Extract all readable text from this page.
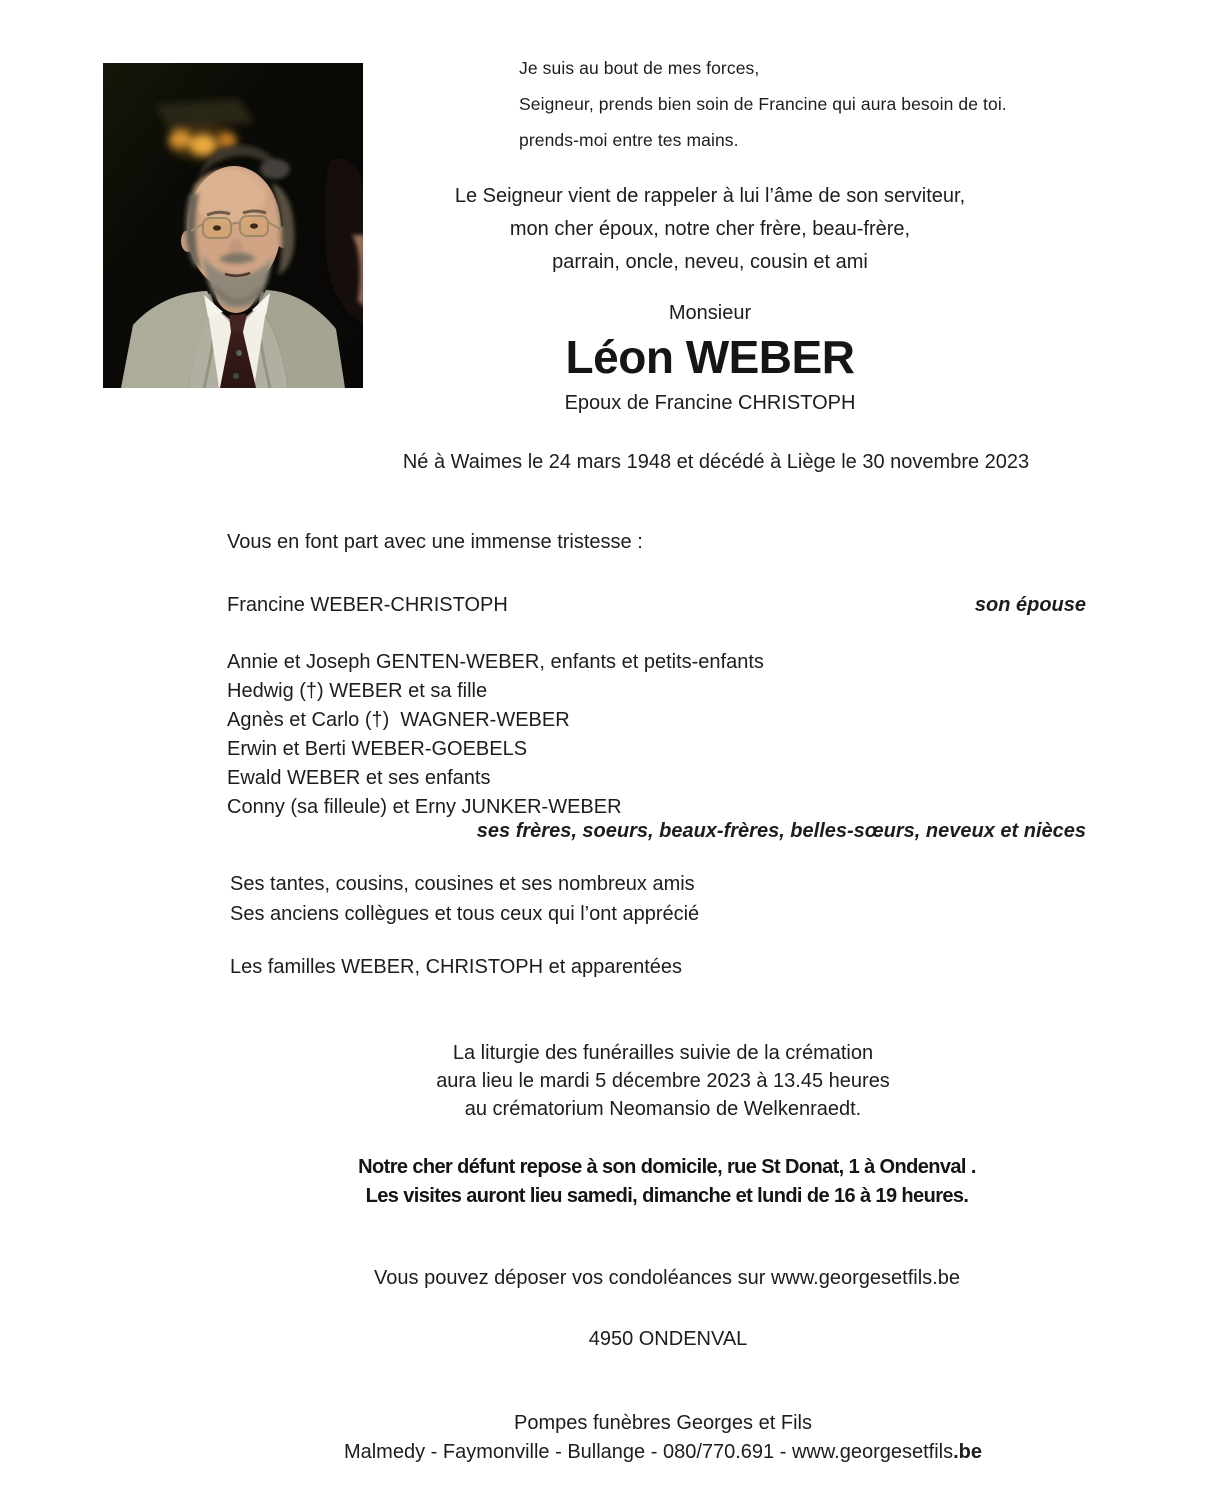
Je suis au bout de mes forces,
Seigneur, prends bien soin de Francine qui aura besoin de toi.
prends-moi entre tes mains.
Le Seigneur vient de rappeler à lui l’âme de son serviteur,
mon cher époux, notre cher frère, beau-frère,
parrain, oncle, neveu, cousin et ami
Monsieur
Léon WEBER
Epoux de Francine CHRISTOPH
Né à Waimes le 24 mars 1948 et décédé à Liège le 30 novembre 2023
Vous en font part avec une immense tristesse :
Francine WEBER-CHRISTOPH	son épouse
Annie et Joseph GENTEN-WEBER, enfants et petits-enfants
Hedwig (†) WEBER et sa fille
Agnès et Carlo (†)  WAGNER-WEBER
Erwin et Berti WEBER-GOEBELS
Ewald WEBER et ses enfants
Conny (sa filleule) et Erny JUNKER-WEBER
ses frères, soeurs, beaux-frères, belles-sœurs, neveux et nièces
Ses tantes, cousins, cousines et ses nombreux amis
Ses anciens collègues et tous ceux qui l’ont apprécié
Les familles WEBER, CHRISTOPH et apparentées
La liturgie des funérailles suivie de la crémation
aura lieu le mardi 5 décembre 2023 à 13.45 heures
au crématorium Neomansio de Welkenraedt.
Notre cher défunt repose à son domicile, rue St Donat, 1 à Ondenval .
Les visites auront lieu samedi, dimanche et lundi de 16 à 19 heures.
Vous pouvez déposer vos condoléances sur www.georgesetfils.be
4950 ONDENVAL
Pompes funèbres Georges et Fils
Malmedy - Faymonville - Bullange - 080/770.691 - www.georgesetfils.be
